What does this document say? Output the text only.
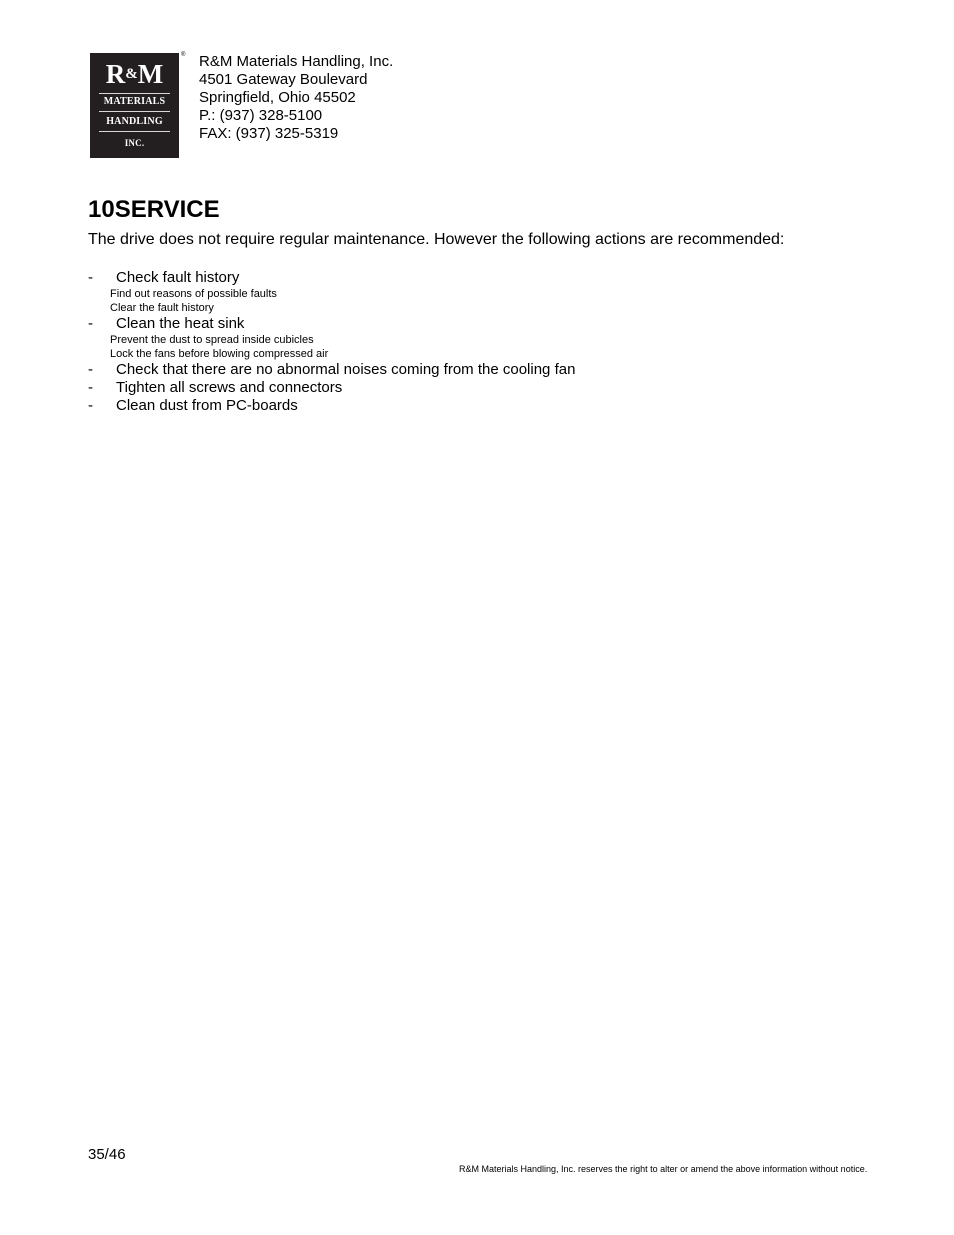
R&M
MATERIALS
HANDLING
INC.
® R&M Materials Handling, Inc.
4501 Gateway Boulevard
Springfield, Ohio 45502
P.: (937) 328-5100
FAX: (937) 325-5319
10SERVICE
The drive does not require regular maintenance. However the following actions are recommended:
- Check fault history
Find out reasons of possible faults
Clear the fault history
- Clean the heat sink
Prevent the dust to spread inside cubicles
Lock the fans before blowing compressed air
- Check that there are no abnormal noises coming from the cooling fan
- Tighten all screws and connectors
- Clean dust from PC-boards
35/46
R&M Materials Handling, Inc. reserves the right to alter or amend the above information without notice.
